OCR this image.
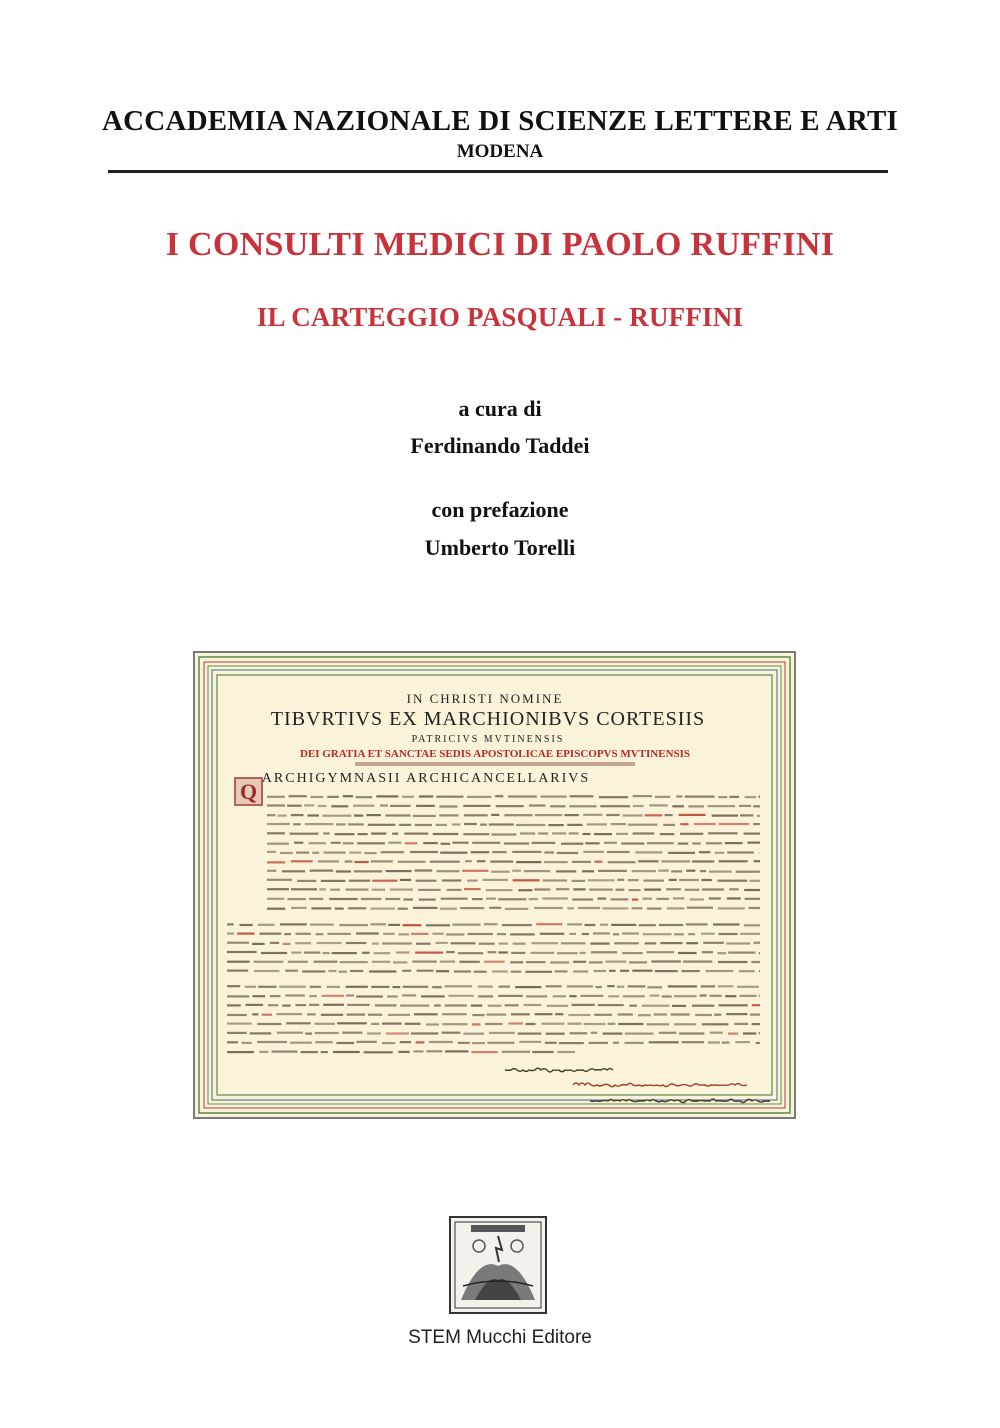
ACCADEMIA NAZIONALE DI SCIENZE LETTERE E ARTI
MODENA
I CONSULTI MEDICI DI PAOLO RUFFINI
IL CARTEGGIO PASQUALI - RUFFINI
a cura di
Ferdinando Taddei
con prefazione
Umberto Torelli
IN CHRISTI NOMINE
TIBVRTIVS EX MARCHIONIBVS CORTESIIS
PATRICIVS MVTINENSIS
DEI GRATIA ET SANCTAE SEDIS APOSTOLICAE EPISCOPVS MVTINENSIS
ARCHIGYMNASII ARCHICANCELLARIVS
Q
STEM Mucchi Editore
